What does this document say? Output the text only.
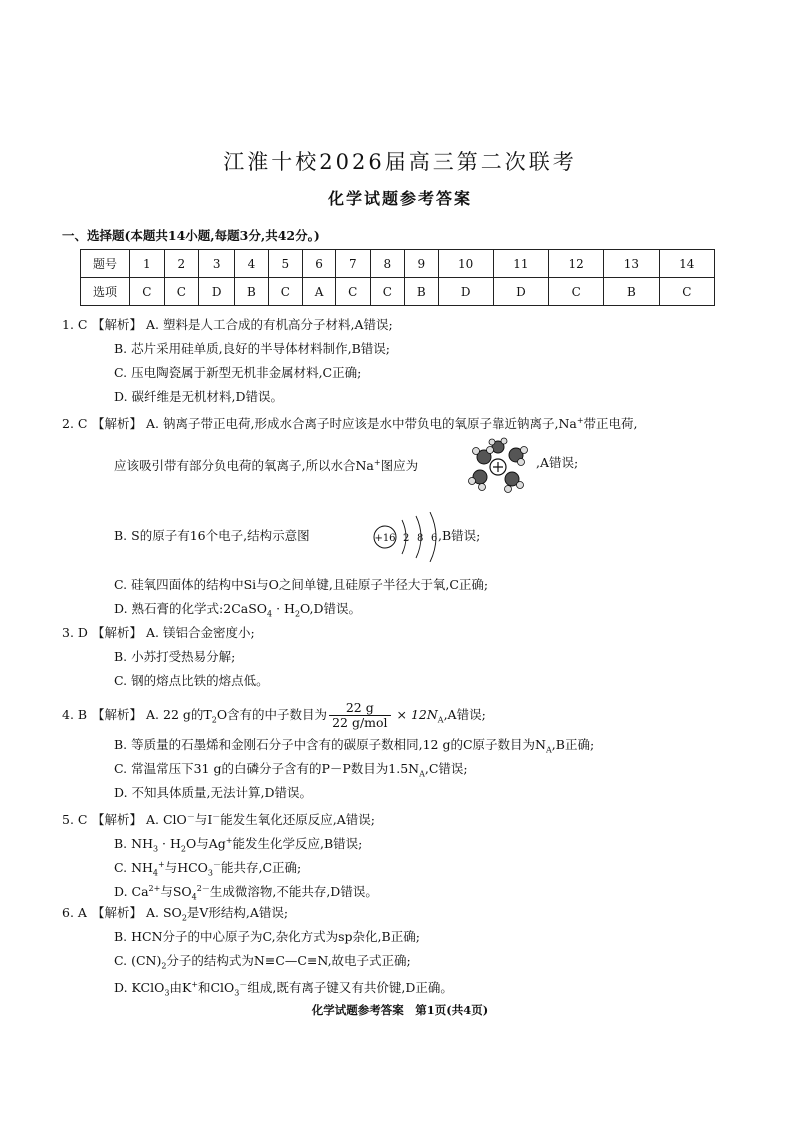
江淮十校2026届高三第二次联考
化学试题参考答案
一、选择题(本题共14小题,每题3分,共42分。)
题号	1	2	3	4	5	6	7	8	9	10	11	12	13	14
选项	C	C	D	B	C	A	C	C	B	D	D	C	B	C
1. C 【解析】 A. 塑料是人工合成的有机高分子材料,A错误;
B. 芯片采用硅单质,良好的半导体材料制作,B错误;
C. 压电陶瓷属于新型无机非金属材料,C正确;
D. 碳纤维是无机材料,D错误。
2. C 【解析】 A. 钠离子带正电荷,形成水合离子时应该是水中带负电的氧原子靠近钠离子,Na+带正电荷,
应该吸引带有部分负电荷的氧离子,所以水合Na+图应为	,A错误;
B. S的原子有16个电子,结构示意图	+16 2 8 6 ,B错误;
C. 硅氧四面体的结构中Si与O之间单键,且硅原子半径大于氧,C正确;
D. 熟石膏的化学式:2CaSO$_4$ · $H_2O,D$错误。
3. D 【解析】 A. 镁铝合金密度小;
B. 小苏打受热易分解;
C. 钢的熔点比铁的熔点低。
4. B 【解析】 A. 22 g的$T_2O$含有的中子数目为 $\frac{22 g}{\text{22 g/mol}} \times 12N_A,A$错误;
B. 等质量的石墨烯和金刚石分子中含有的碳原子数相同,12 g的C原子数目为$N_A,B$正确;
C. 常温常压下31 g的白磷分子含有的P－P数目为$1.5N_A,C$错误;
D. 不知具体质量,无法计算,D错误。
5. C 【解析】 A. ClO－与I－能发生氧化还原反应,A错误;
B. $NH_3 \cdot H_2O$与Ag+能发生化学反应,B错误;
C. $NH_4^+$与$HCO_3^-$能共存,C正确;
D. $Ca^{2+}$与$SO_4^{2-}$生成微溶物,不能共存,D错误。
6. A 【解析】 A. $SO_2$是V形结构,A错误;
B. HCN分子的中心原子为C,杂化方式为sp杂化,B正确;
C. $(CN)_2$分子的结构式为N≡C—C≡N,故电子式正确;
D. KClO$_3$由K+和ClO$_3$－组成,既有离子键又有共价键,D正确。
化学试题参考答案　第1页(共4页)
